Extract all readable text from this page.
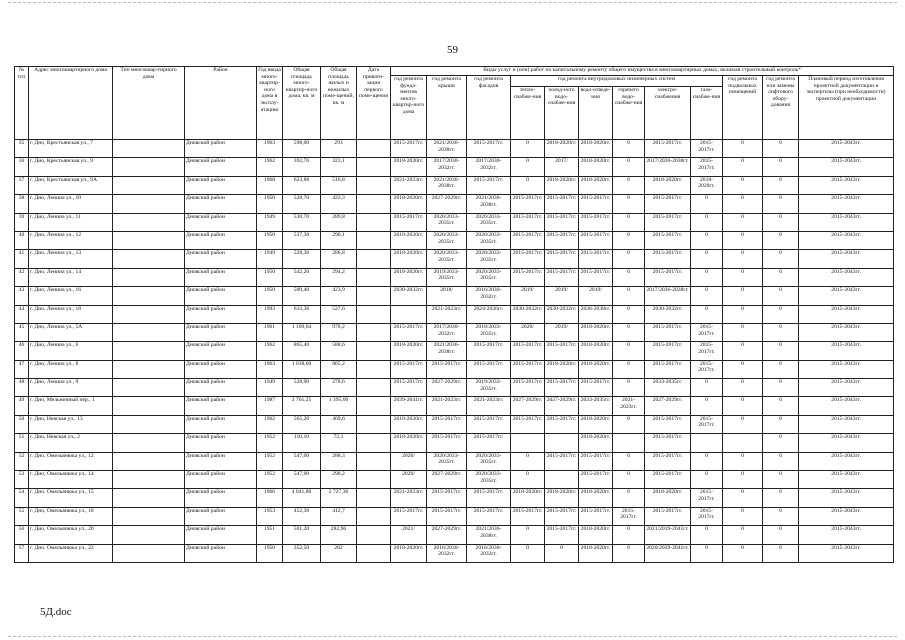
59
№ п/п	Адрес многоквартирного дома	Тип многоквар-тирного дома	Район	Год ввода много-квартир-ного дома в эксплу-атацию	Общая площадь много-квартир-ного дома, кв. м	Общая площадь жилых и нежилых поме-щений, кв. м	Дата привати-зации первого поме-щения	Виды услуг и (или) работ по капитальному ремонту общего имущества в многоквартирных домах, включая строительный контроль*											
								год ремонта фунда-ментов много-квартир-ного дома	год ремонта крыши	год ремонта фасадов	год ремонта внутридомовых инженерных систем						год ремонта подвальных помещений	год ремонта или замены лифтового обору-дования	Плановый период изготовления проектной документации и экспертизы (при необходимости) проектной документации
											тепло-снабже-ния	холод-ного водо-снабже-ния	водо-отведе-ния	горячего водо-снабже-ния	электро-снабжения	газо-снабже-ния			
35	г. Дно, Крестьянская ул., 7		Дновский район	1963	598,00	293		2015-2017гг.	2021/2036-2038гг.	2015-2017гг.	0	2018-2020гг.	2018-2020гг.	0	2015-2017гг.	2015-2017гг.	0	0	2015-2043гг.
36	г. Дно, Крестьянская ул., 9		Дновский район	1962	392,76	323,1		2018-2020гг.	2017/2030-2032гг.	2017/2030-2032гг.	0	2017/	2018-2020гг.	0	2017/2036-2038гг.	2015-2017гг.	0	0	2015-2043гг.
37	г. Дно, Крестьянская ул., 9А		Дновский район	1968	623,88	516,8		2021-2023гг.	2021/2036-2038гг.	2015-2017гг.	0	2018-2020гг.	2018-2020гг.	0	2018-2020гг.	2018-2020гг.	0	0	2015-2043гг.
38	г. Дно, Ленина ул., 10		Дновский район	1950	528,70	422,3		2018-2020гг.	2027-2029гг.	2021/2036-2038гг.	2015-2017гг.	2015-2017гг.	2015-2017гг.	0	2015-2017гг.	0	0	0	2015-2043гг.
39	г. Дно, Ленина ул., 11		Дновский район	1949	530,70	289,8		2015-2017гг.	2020/2033-2035гг.	2020/2033-2035гг.	2015-2017гг.	2015-2017гг.	2015-2017гг.	0	2015-2017гг.	0	0	0	2015-2043гг.
40	г. Дно, Ленина ул., 12		Дновский район	1950	537,30	290,1		2018-2020гг.	2020/2033-2035гг.	2020/2033-2035гг.	2015-2017гг.	2015-2017гг.	2015-2017гг.	0	2015-2017гг.	0	0	0	2015-2043гг.
41	г. Дно, Ленина ул., 13		Дновский район	1949	528,30	286,8		2018-2020гг.	2020/2033-2035гг.	2020/2033-2035гг.	2015-2017гг.	2015-2017гг.	2015-2017гг.	0	2015-2017гг.	0	0	0	2015-2043гг.
42	г. Дно, Ленина ул., 14		Дновский район	1950	542,20	294,2		2018-2020гг.	2019/2033-2035гг.	2020/2033-2035гг.	2015-2017гг.	2015-2017гг.	2015-2017гг.	0	2015-2017гг.	0	0	0	2015-2043гг.
43	г. Дно, Ленина ул., 16		Дновский район	1950	509,40	423,9		2030-2032гг.	2018/	2016/2030-2032гг.	2019/	2019/	2019/	0	2017/2036-2038гг.	0	0	0	2015-2043гг.
44	г. Дно, Ленина ул., 18		Дновский район	1993	633,36	527,6			2021-2023гг.	2024-2026гг.	2030-2032гг.	2030-2032гг.	2036-2038гг.	0	2030-2032гг.	0	0	0	2015-2043гг.
45	г. Дно, Ленина ул., 5А		Дновский район	1961	1 169,64	970,2		2015-2017гг.	2017/2030-2032гг.	2018/2033-2035гг.	2020/	2019/	2018-2020гг.	0	2015-2017гг.	2015-2017гг.	0	0	2015-2043гг.
46	г. Дно, Ленина ул., 6		Дновский район	1962	865,40	588,6		2018-2020гг.	2021/2036-2038гг.	2015-2017гг.	2015-2017гг.	2015-2017гг.	2018-2020гг.	0	2015-2017гг.	2015-2017гг.	0	0	2015-2043гг.
47	г. Дно, Ленина ул., 8		Дновский район	1963	1 038,60	865,2		2015-2017гг.	2015-2017гг.	2015-2017гг.	2015-2017гг.	2018-2020гг.	2018-2020гг.	0	2015-2017гг.	2015-2017гг.	0	0	2015-2043гг.
48	г. Дно, Ленина ул., 9		Дновский район	1949	528,90	278,6		2015-2017гг.	2027-2029гг.	2019/2033-2035гг.	2015-2017гг.	2015-2017гг.	2015-2017гг.	0	2033-2035гг.	0	0	0	2015-2043гг.
49	г. Дно, Мельничный пер., 1		Дновский район	1987	2 761,25	1 395,00		2039-2041гг.	2021-2023гг.	2021-2023гг.	2027-2029гг.	2027-2029гг.	2033-2035гг.	2021-2023гг.	2027-2029гг.	0	0	0	2015-2043гг.
50	г. Дно, Невская ул., 13		Дновский район	1962	565,20	469,6		2018-2020гг.	2015-2017гг.	2015-2017гг.	2015-2017гг.	2015-2017гг.	2018-2020гг.	0	2015-2017гг.	2015-2017гг.	0	0	2015-2043гг.
51	г. Дно, Невская ул., 2		Дновский район	1952	110,10	72,1		2018-2020гг.	2015-2017гг.	2015-2017гг.			2018-2020гг.		2015-2017гг.			0	2015-2043гг.
52	г. Дно, Омельянюка ул., 12		Дновский район	1952	547,00	288,3		2020/	2020/2033-2035гг.	2020/2033-2035гг.	0	2015-2017гг.	2015-2017гг.	0	2015-2017гг.	0	0	0	2015-2043гг.
53	г. Дно, Омельянюка ул., 14		Дновский район	1952	547,00	290,2		2020/	2027-2029гг.	2020/2033-2035гг.	0		2015-2017гг.	0	2015-2017гг.	0	0	0	2015-2043гг.
54	г. Дно, Омельянюка ул., 15		Дновский район	1966	4 041,80	2 727,36		2021-2023гг.	2015-2017гг.	2015-2017гг.	2018-2020гг.	2018-2020гг.	2018-2020гг.	0	2018-2020гг.	2015-2017гг.	0	0	2015-2043гг.
55	г. Дно, Омельянюка ул., 18		Дновский район	1953	452,30	412,7		2015-2017гг.	2015-2017гг.	2015-2017гг.	2015-2017гг.	2015-2017гг.	2015-2017гг.	2015-2017гг.	2015-2017гг.	2015-2017гг.	0	0	2015-2043гг.
56	г. Дно, Омельянюка ул., 20		Дновский район	1951	501,20	282,96		2021/	2027-2029гг.	2021/2036-2038гг.	0	2015-2017гг.	2018-2020гг.	0	2021/2019-2041гг.	0	0	0	2015-2043гг.
57	г. Дно, Омельянюка ул., 22		Дновский район	1950	352,50	282		2018-2020гг.	2016/2030-2032гг.	2016/2030-2032гг.	0	0	2018-2020гг.	0	2020/2039-2041гг.	0	0	0	2015-2043гг.
5Д.doc
